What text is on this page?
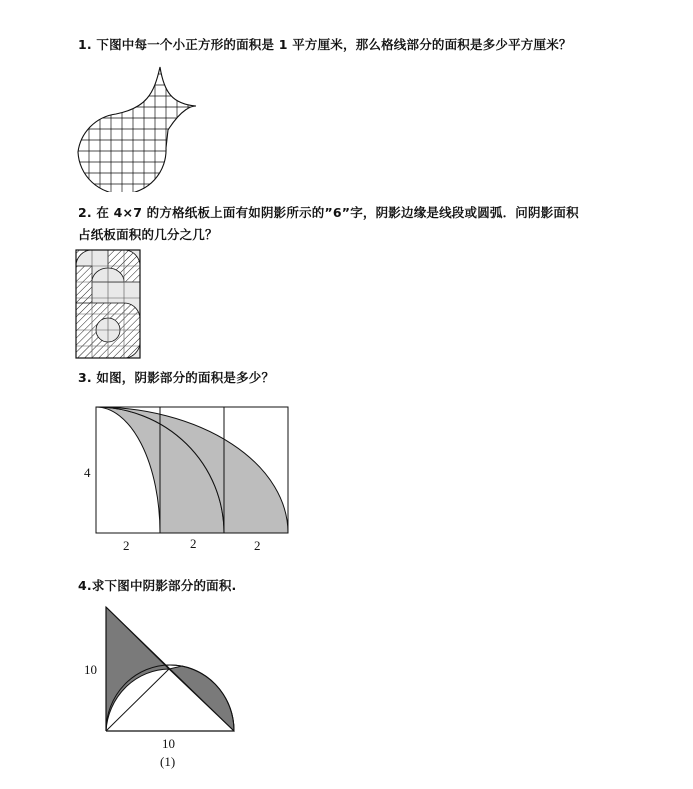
1. 下图中每一个小正方形的面积是 1 平方厘米，那么格线部分的面积是多少平方厘米？
2. 在 4×7 的方格纸板上面有如阴影所示的”6”字，阴影边缘是线段或圆弧．问阴影面积
占纸板面积的几分之几？
3. 如图，阴影部分的面积是多少？
4
2	2	2
4.求下图中阴影部分的面积.
10
10
(1)
